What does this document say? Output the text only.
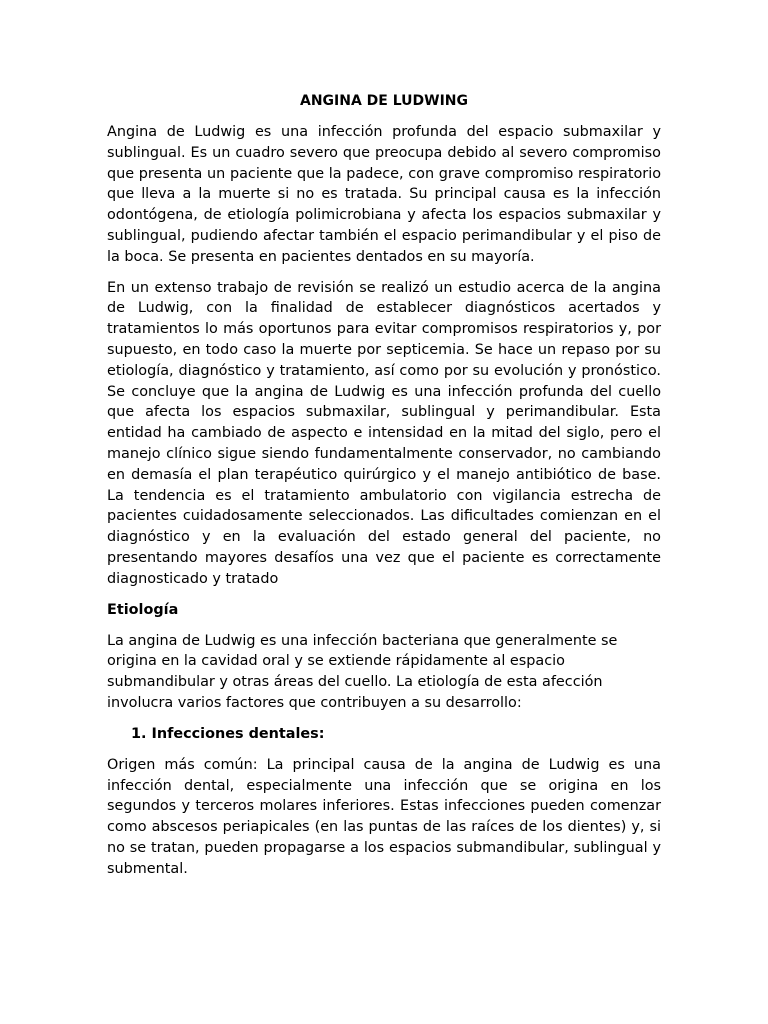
ANGINA DE LUDWING
Angina de Ludwig es una infección profunda del espacio submaxilar y sublingual. Es un cuadro severo que preocupa debido al severo compromiso que presenta un paciente que la padece, con grave compromiso respiratorio que lleva a la muerte si no es tratada. Su principal causa es la infección odontógena, de etiología polimicrobiana y afecta los espacios submaxilar y sublingual, pudiendo afectar también el espacio perimandibular y el piso de la boca. Se presenta en pacientes dentados en su mayoría.
En un extenso trabajo de revisión se realizó un estudio acerca de la angina de Ludwig, con la finalidad de establecer diagnósticos acertados y tratamientos lo más oportunos para evitar compromisos respiratorios y, por supuesto, en todo caso la muerte por septicemia. Se hace un repaso por su etiología, diagnóstico y tratamiento, así como por su evolución y pronóstico. Se concluye que la angina de Ludwig es una infección profunda del cuello que afecta los espacios submaxilar, sublingual y perimandibular. Esta entidad ha cambiado de aspecto e intensidad en la mitad del siglo, pero el manejo clínico sigue siendo fundamentalmente conservador, no cambiando en demasía el plan terapéutico quirúrgico y el manejo antibiótico de base. La tendencia es el tratamiento ambulatorio con vigilancia estrecha de pacientes cuidadosamente seleccionados. Las dificultades comienzan en el diagnóstico y en la evaluación del estado general del paciente, no presentando mayores desafíos una vez que el paciente es correctamente diagnosticado y tratado
Etiología
La angina de Ludwig es una infección bacteriana que generalmente se origina en la cavidad oral y se extiende rápidamente al espacio submandibular y otras áreas del cuello. La etiología de esta afección involucra varios factores que contribuyen a su desarrollo:
1. Infecciones dentales:
Origen más común: La principal causa de la angina de Ludwig es una infección dental, especialmente una infección que se origina en los segundos y terceros molares inferiores. Estas infecciones pueden comenzar como abscesos periapicales (en las puntas de las raíces de los dientes) y, si no se tratan, pueden propagarse a los espacios submandibular, sublingual y submental.
